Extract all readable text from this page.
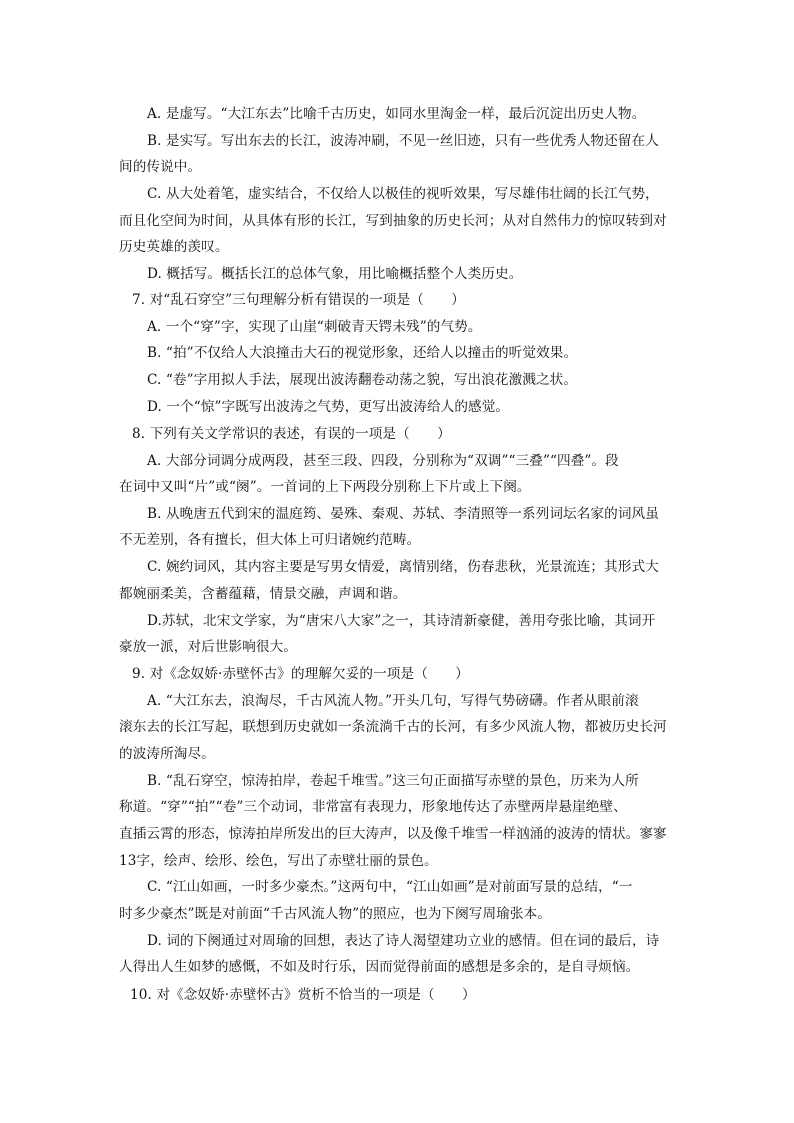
A. 是虚写。“大江东去”比喻千古历史，如同水里淘金一样，最后沉淀出历史人物。
B. 是实写。写出东去的长江，波涛冲刷，不见一丝旧迹，只有一些优秀人物还留在人
间的传说中。
C. 从大处着笔，虚实结合，不仅给人以极佳的视听效果，写尽雄伟壮阔的长江气势，
而且化空间为时间，从具体有形的长江，写到抽象的历史长河；从对自然伟力的惊叹转到对
历史英雄的羡叹。
D. 概括写。概括长江的总体气象，用比喻概括整个人类历史。
7. 对“乱石穿空”三句理解分析有错误的一项是（　　）
A. 一个“穿”字，实现了山崖“刺破青天锷未残”的气势。
B. “拍”不仅给人大浪撞击大石的视觉形象，还给人以撞击的听觉效果。
C. “卷”字用拟人手法，展现出波涛翻卷动荡之貌，写出浪花激溅之状。
D. 一个“惊”字既写出波涛之气势，更写出波涛给人的感觉。
8. 下列有关文学常识的表述，有误的一项是（　　）
A. 大部分词调分成两段，甚至三段、四段，分别称为“双调”“三叠”“四叠”。段
在词中又叫“片”或“阕”。一首词的上下两段分别称上下片或上下阕。
B. 从晚唐五代到宋的温庭筠、晏殊、秦观、苏轼、李清照等一系列词坛名家的词风虽
不无差别，各有擅长，但大体上可归诸婉约范畴。
C. 婉约词风，其内容主要是写男女情爱，离情别绪，伤春悲秋，光景流连；其形式大
都婉丽柔美，含蓄蕴藉，情景交融，声调和谐。
D.苏轼，北宋文学家，为“唐宋八大家”之一，其诗清新豪健，善用夸张比喻，其词开
豪放一派，对后世影响很大。
9. 对《念奴娇·赤壁怀古》的理解欠妥的一项是（　　）
A. “大江东去，浪淘尽，千古风流人物。”开头几句，写得气势磅礴。作者从眼前滚
滚东去的长江写起，联想到历史就如一条流淌千古的长河，有多少风流人物，都被历史长河
的波涛所淘尽。
B. “乱石穿空，惊涛拍岸，卷起千堆雪。”这三句正面描写赤壁的景色，历来为人所
称道。“穿”“拍”“卷”三个动词，非常富有表现力，形象地传达了赤壁两岸悬崖绝壁、
直插云霄的形态，惊涛拍岸所发出的巨大涛声，以及像千堆雪一样汹涌的波涛的情状。寥寥
13字，绘声、绘形、绘色，写出了赤壁壮丽的景色。
C. “江山如画，一时多少豪杰。”这两句中，“江山如画”是对前面写景的总结，“一
时多少豪杰”既是对前面“千古风流人物”的照应，也为下阕写周瑜张本。
D. 词的下阕通过对周瑜的回想，表达了诗人渴望建功立业的感情。但在词的最后，诗
人得出人生如梦的感慨，不如及时行乐，因而觉得前面的感想是多余的，是自寻烦恼。
10. 对《念奴娇·赤壁怀古》赏析不恰当的一项是（　　）
